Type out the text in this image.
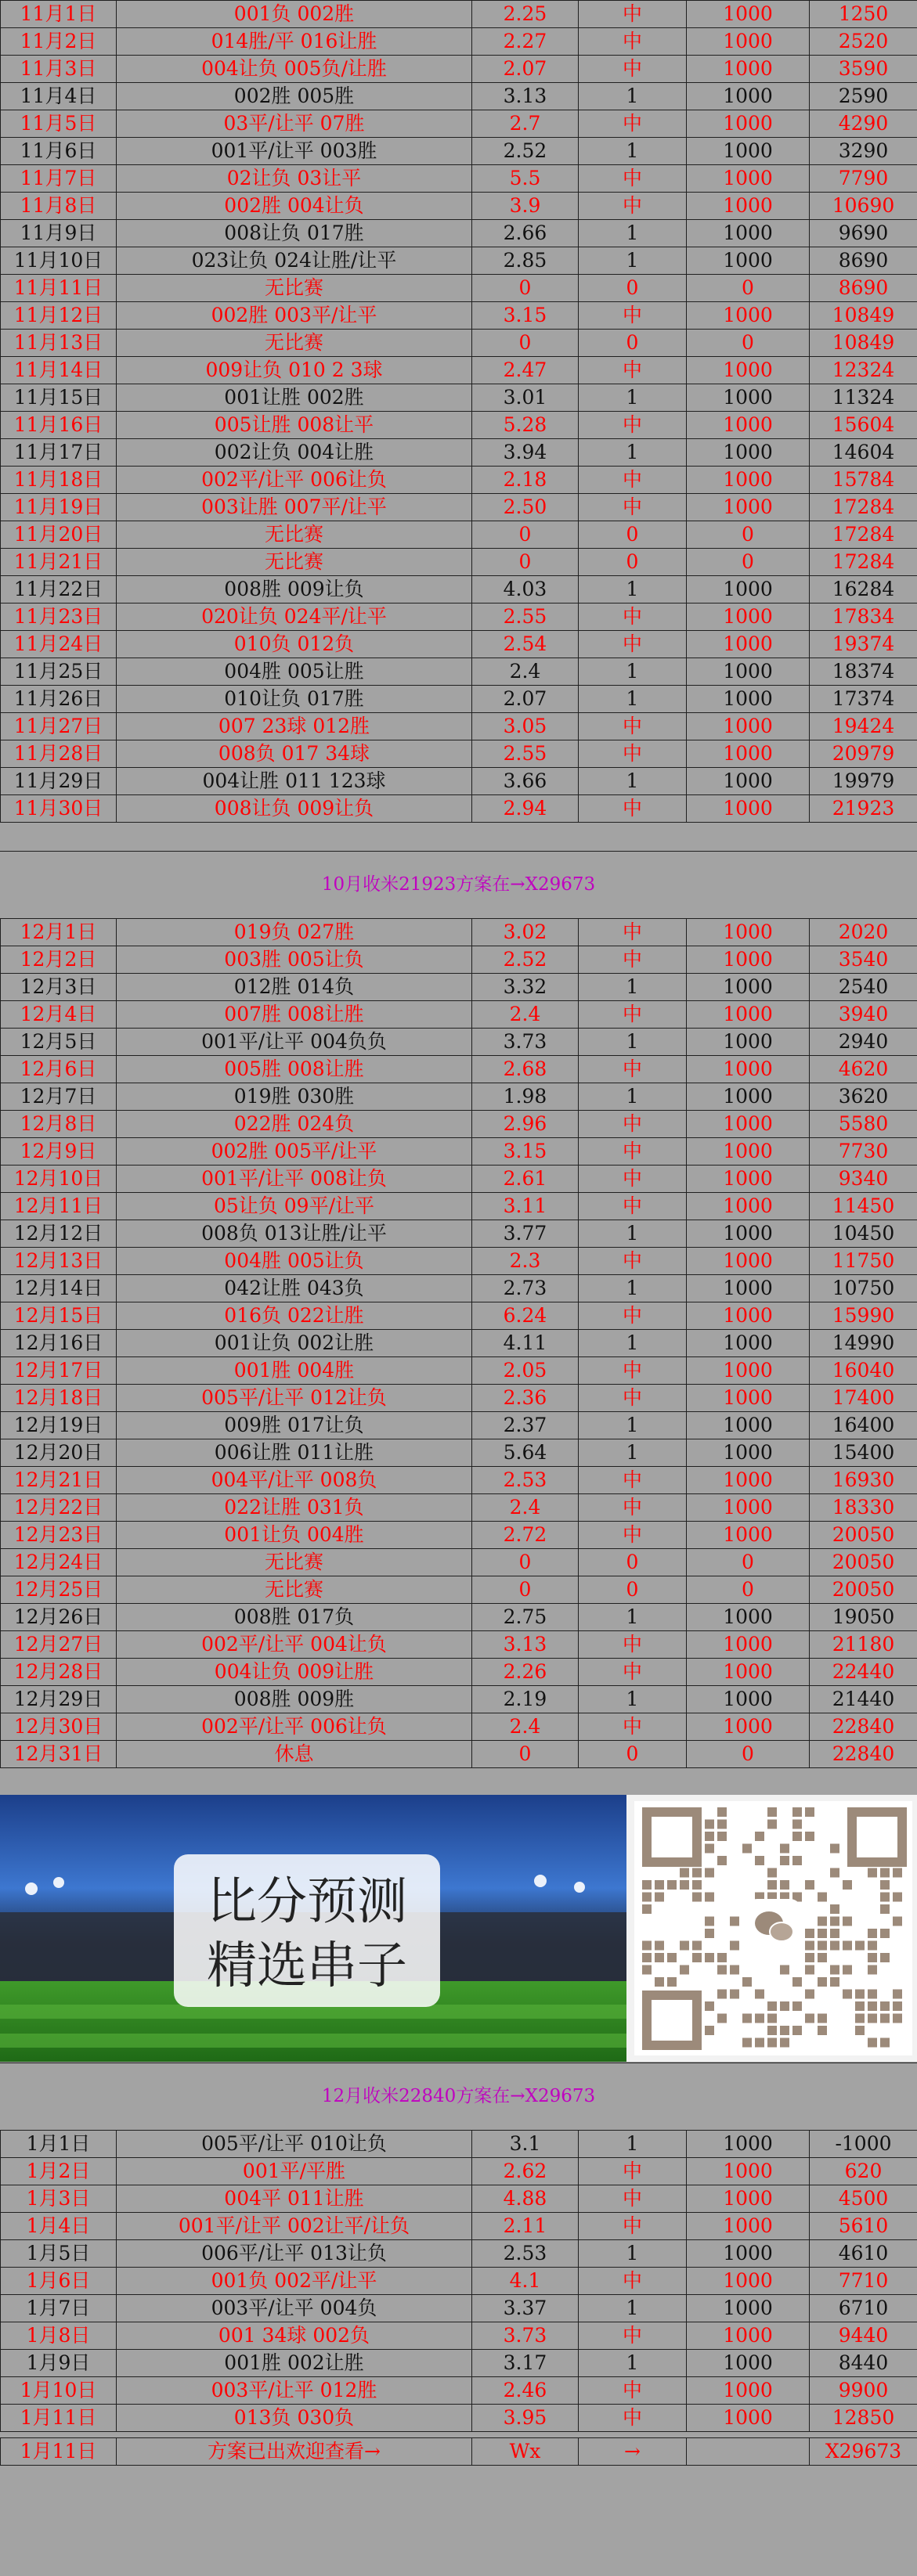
11月1日	001负 002胜	2.25	中	1000	1250
11月2日	014胜/平 016让胜	2.27	中	1000	2520
11月3日	004让负 005负/让胜	2.07	中	1000	3590
11月4日	002胜 005胜	3.13	1	1000	2590
11月5日	03平/让平 07胜	2.7	中	1000	4290
11月6日	001平/让平 003胜	2.52	1	1000	3290
11月7日	02让负 03让平	5.5	中	1000	7790
11月8日	002胜 004让负	3.9	中	1000	10690
11月9日	008让负 017胜	2.66	1	1000	9690
11月10日	023让负 024让胜/让平	2.85	1	1000	8690
11月11日	无比赛	0	0	0	8690
11月12日	002胜 003平/让平	3.15	中	1000	10849
11月13日	无比赛	0	0	0	10849
11月14日	009让负 010 2 3球	2.47	中	1000	12324
11月15日	001让胜 002胜	3.01	1	1000	11324
11月16日	005让胜 008让平	5.28	中	1000	15604
11月17日	002让负 004让胜	3.94	1	1000	14604
11月18日	002平/让平 006让负	2.18	中	1000	15784
11月19日	003让胜 007平/让平	2.50	中	1000	17284
11月20日	无比赛	0	0	0	17284
11月21日	无比赛	0	0	0	17284
11月22日	008胜 009让负	4.03	1	1000	16284
11月23日	020让负 024平/让平	2.55	中	1000	17834
11月24日	010负 012负	2.54	中	1000	19374
11月25日	004胜 005让胜	2.4	1	1000	18374
11月26日	010让负 017胜	2.07	1	1000	17374
11月27日	007 23球 012胜	3.05	中	1000	19424
11月28日	008负 017 34球	2.55	中	1000	20979
11月29日	004让胜 011 123球	3.66	1	1000	19979
11月30日	008让负 009让负	2.94	中	1000	21923
10月收米21923方案在→X29673
12月1日	019负 027胜	3.02	中	1000	2020
12月2日	003胜 005让负	2.52	中	1000	3540
12月3日	012胜 014负	3.32	1	1000	2540
12月4日	007胜 008让胜	2.4	中	1000	3940
12月5日	001平/让平 004负负	3.73	1	1000	2940
12月6日	005胜 008让胜	2.68	中	1000	4620
12月7日	019胜 030胜	1.98	1	1000	3620
12月8日	022胜 024负	2.96	中	1000	5580
12月9日	002胜 005平/让平	3.15	中	1000	7730
12月10日	001平/让平 008让负	2.61	中	1000	9340
12月11日	05让负 09平/让平	3.11	中	1000	11450
12月12日	008负 013让胜/让平	3.77	1	1000	10450
12月13日	004胜 005让负	2.3	中	1000	11750
12月14日	042让胜 043负	2.73	1	1000	10750
12月15日	016负 022让胜	6.24	中	1000	15990
12月16日	001让负 002让胜	4.11	1	1000	14990
12月17日	001胜 004胜	2.05	中	1000	16040
12月18日	005平/让平 012让负	2.36	中	1000	17400
12月19日	009胜 017让负	2.37	1	1000	16400
12月20日	006让胜 011让胜	5.64	1	1000	15400
12月21日	004平/让平 008负	2.53	中	1000	16930
12月22日	022让胜 031负	2.4	中	1000	18330
12月23日	001让负 004胜	2.72	中	1000	20050
12月24日	无比赛	0	0	0	20050
12月25日	无比赛	0	0	0	20050
12月26日	008胜 017负	2.75	1	1000	19050
12月27日	002平/让平 004让负	3.13	中	1000	21180
12月28日	004让负 009让胜	2.26	中	1000	22440
12月29日	008胜 009胜	2.19	1	1000	21440
12月30日	002平/让平 006让负	2.4	中	1000	22840
12月31日	休息	0	0	0	22840
比分预测
精选串子
12月收米22840方案在→X29673
1月1日	005平/让平 010让负	3.1	1	1000	-1000
1月2日	001平/平胜	2.62	中	1000	620
1月3日	004平 011让胜	4.88	中	1000	4500
1月4日	001平/让平 002让平/让负	2.11	中	1000	5610
1月5日	006平/让平 013让负	2.53	1	1000	4610
1月6日	001负 002平/让平	4.1	中	1000	7710
1月7日	003平/让平 004负	3.37	1	1000	6710
1月8日	001 34球 002负	3.73	中	1000	9440
1月9日	001胜 002让胜	3.17	1	1000	8440
1月10日	003平/让平 012胜	2.46	中	1000	9900
1月11日	013负 030负	3.95	中	1000	12850
1月11日	方案已出欢迎查看→	Wx	→		X29673
